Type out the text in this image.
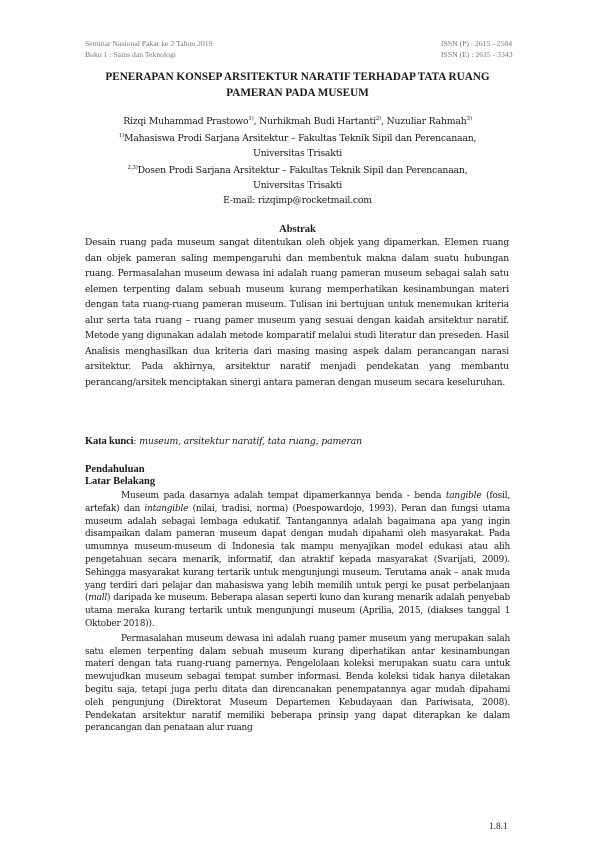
Seminar Nasional Pakar ke 2 Tahun 2019
Buku 1 : Sains dan Teknologi
ISSN (P) : 2615 - 2584
ISSN (E) : 2615 - 3343
PENERAPAN KONSEP ARSITEKTUR NARATIF TERHADAP TATA RUANG
PAMERAN PADA MUSEUM
Rizqi Muhammad Prastowo$^{1)}$, Nurhikmah Budi Hartanti$^{2)}$, Nuzuliar Rahmah$^{3)}$
$^{1)}$Mahasiswa Prodi Sarjana Arsitektur – Fakultas Teknik Sipil dan Perencanaan,
Universitas Trisakti
$^{2,3)}$Dosen Prodi Sarjana Arsitektur – Fakultas Teknik Sipil dan Perencanaan,
Universitas Trisakti
E-mail: rizqimp@rocketmail.com
Abstrak
Desain ruang pada museum sangat ditentukan oleh objek yang dipamerkan. Elemen ruang dan objek pameran saling mempengaruhi dan membentuk makna dalam suatu hubungan ruang. Permasalahan museum dewasa ini adalah ruang pameran museum sebagai salah satu elemen terpenting dalam sebuah museum kurang memperhatikan kesinambungan materi dengan tata ruang-ruang pameran museum. Tulisan ini bertujuan untuk menemukan kriteria alur serta tata ruang – ruang pamer museum yang sesuai dengan kaidah arsitektur naratif. Metode yang digunakan adalah metode komparatif melalui studi literatur dan preseden. Hasil Analisis menghasilkan dua kriteria dari masing masing aspek dalam perancangan narasi arsitektur. Pada akhirnya, arsitektur naratif menjadi pendekatan yang membantu perancang/arsitek menciptakan sinergi antara pameran dengan museum secara keseluruhan.
Kata kunci: museum, arsitektur naratif, tata ruang, pameran
Pendahuluan
Latar Belakang

Museum pada dasarnya adalah tempat dipamerkannya benda - benda tangible (fosil, artefak) dan intangible (nilai, tradisi, norma) (Poespowardojo, 1993). Peran dan fungsi utama museum adalah sebagai lembaga edukatif. Tantangannya adalah bagaimana apa yang ingin disampaikan dalam pameran museum dapat dengan mudah dipahami oleh masyarakat. Pada umumnya museum-museum di Indonesia tak mampu menyajikan model edukasi atau alih pengetahuan secara menarik, informatif, dan atraktif kepada masyarakat (Svarijati, 2009). Sehingga masyarakat kurang tertarik untuk mengunjungi museum. Terutama anak – anak muda yang terdiri dari pelajar dan mahasiswa yang lebih memilih untuk pergi ke pusat perbelanjaan (mall) daripada ke museum. Beberapa alasan seperti kuno dan kurang menarik adalah penyebab utama meraka kurang tertarik untuk mengunjungi museum (Aprilia, 2015, (diakses tanggal 1 Oktober 2018)).

Permasalahan museum dewasa ini adalah ruang pamer museum yang merupakan salah satu elemen terpenting dalam sebuah museum kurang diperhatikan antar kesinambungan materi dengan tata ruang-ruang pamernya. Pengelolaan koleksi merupakan suatu cara untuk mewujudkan museum sebagai tempat sumber informasi. Benda koleksi tidak hanya diletakan begitu saja, tetapi juga perlu ditata dan direncanakan penempatannya agar mudah dipahami oleh pengunjung (Direktorat Museum Departemen Kebudayaan dan Pariwisata, 2008). Pendekatan arsitektur naratif memiliki beberapa prinsip yang dapat diterapkan ke dalam perancangan dan penataan alur ruang

1.8.1
